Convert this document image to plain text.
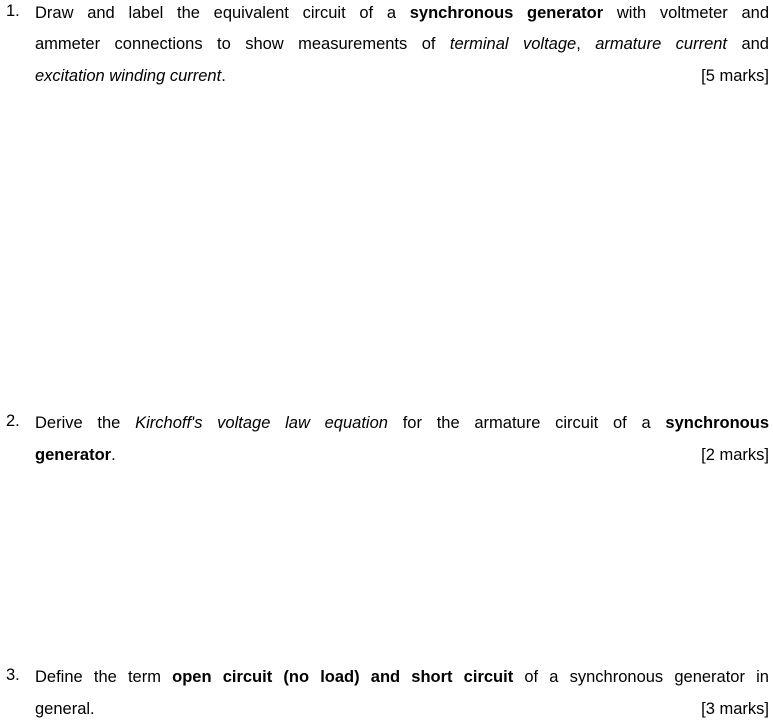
1. Draw and label the equivalent circuit of a synchronous generator with voltmeter and
ammeter connections to show measurements of terminal voltage, armature current and
excitation winding current.	[5 marks]
2. Derive the Kirchoff's voltage law equation for the armature circuit of a synchronous
generator.	[2 marks]
3. Define the term open circuit (no load) and short circuit of a synchronous generator in
general.	[3 marks]
